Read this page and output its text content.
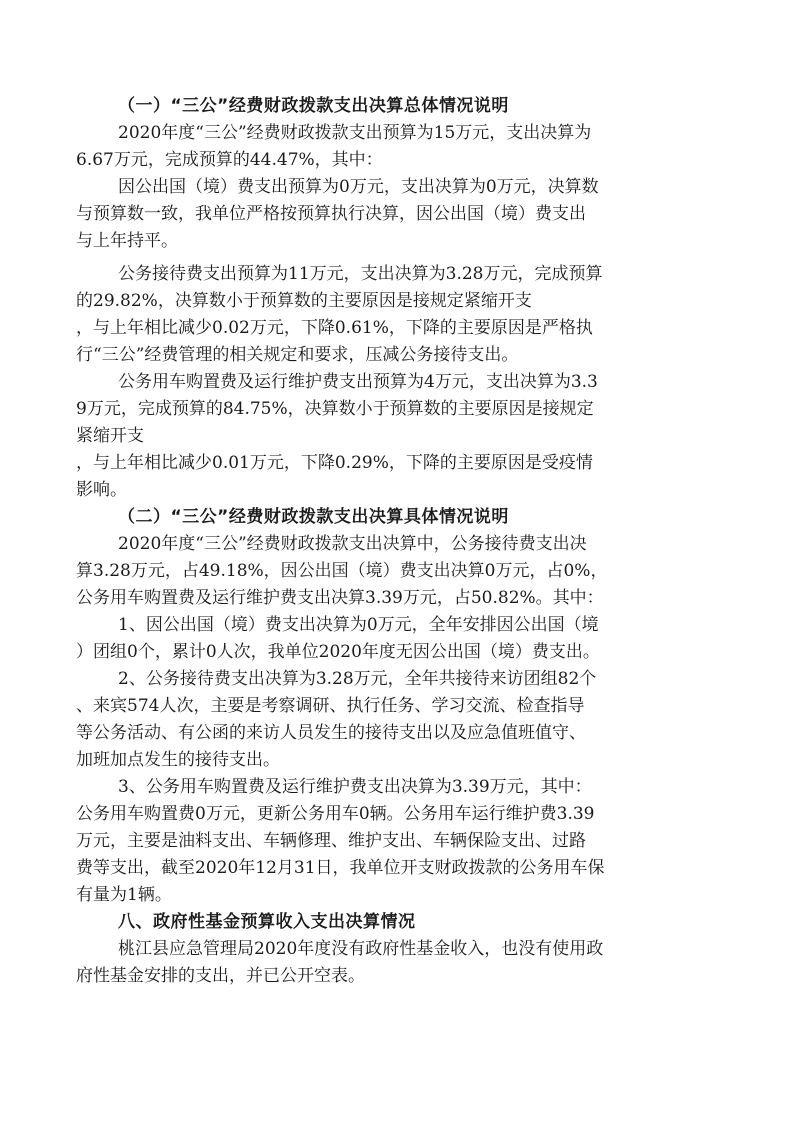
（一）“三公”经费财政拨款支出决算总体情况说明
2020年度“三公”经费财政拨款支出预算为15万元，支出决算为
6.67万元，完成预算的44.47%，其中：
因公出国（境）费支出预算为0万元，支出决算为0万元，决算数
与预算数一致，我单位严格按预算执行决算，因公出国（境）费支出
与上年持平。
公务接待费支出预算为11万元，支出决算为3.28万元，完成预算
的29.82%，决算数小于预算数的主要原因是接规定紧缩开支
，与上年相比减少0.02万元，下降0.61%，下降的主要原因是严格执
行“三公”经费管理的相关规定和要求，压减公务接待支出。
公务用车购置费及运行维护费支出预算为4万元，支出决算为3.3
9万元，完成预算的84.75%，决算数小于预算数的主要原因是接规定
紧缩开支
，与上年相比减少0.01万元，下降0.29%，下降的主要原因是受疫情
影响。
（二）“三公”经费财政拨款支出决算具体情况说明
2020年度“三公”经费财政拨款支出决算中，公务接待费支出决
算3.28万元，占49.18%，因公出国（境）费支出决算0万元，占0%，
公务用车购置费及运行维护费支出决算3.39万元，占50.82%。其中：
1、因公出国（境）费支出决算为0万元，全年安排因公出国（境
）团组0个，累计0人次，我单位2020年度无因公出国（境）费支出。
2、公务接待费支出决算为3.28万元，全年共接待来访团组82个
、来宾574人次，主要是考察调研、执行任务、学习交流、检查指导
等公务活动、有公函的来访人员发生的接待支出以及应急值班值守、
加班加点发生的接待支出。
3、公务用车购置费及运行维护费支出决算为3.39万元，其中：
公务用车购置费0万元，更新公务用车0辆。公务用车运行维护费3.39
万元，主要是油料支出、车辆修理、维护支出、车辆保险支出、过路
费等支出，截至2020年12月31日，我单位开支财政拨款的公务用车保
有量为1辆。
八、政府性基金预算收入支出决算情况
桃江县应急管理局2020年度没有政府性基金收入，也没有使用政
府性基金安排的支出，并已公开空表。
